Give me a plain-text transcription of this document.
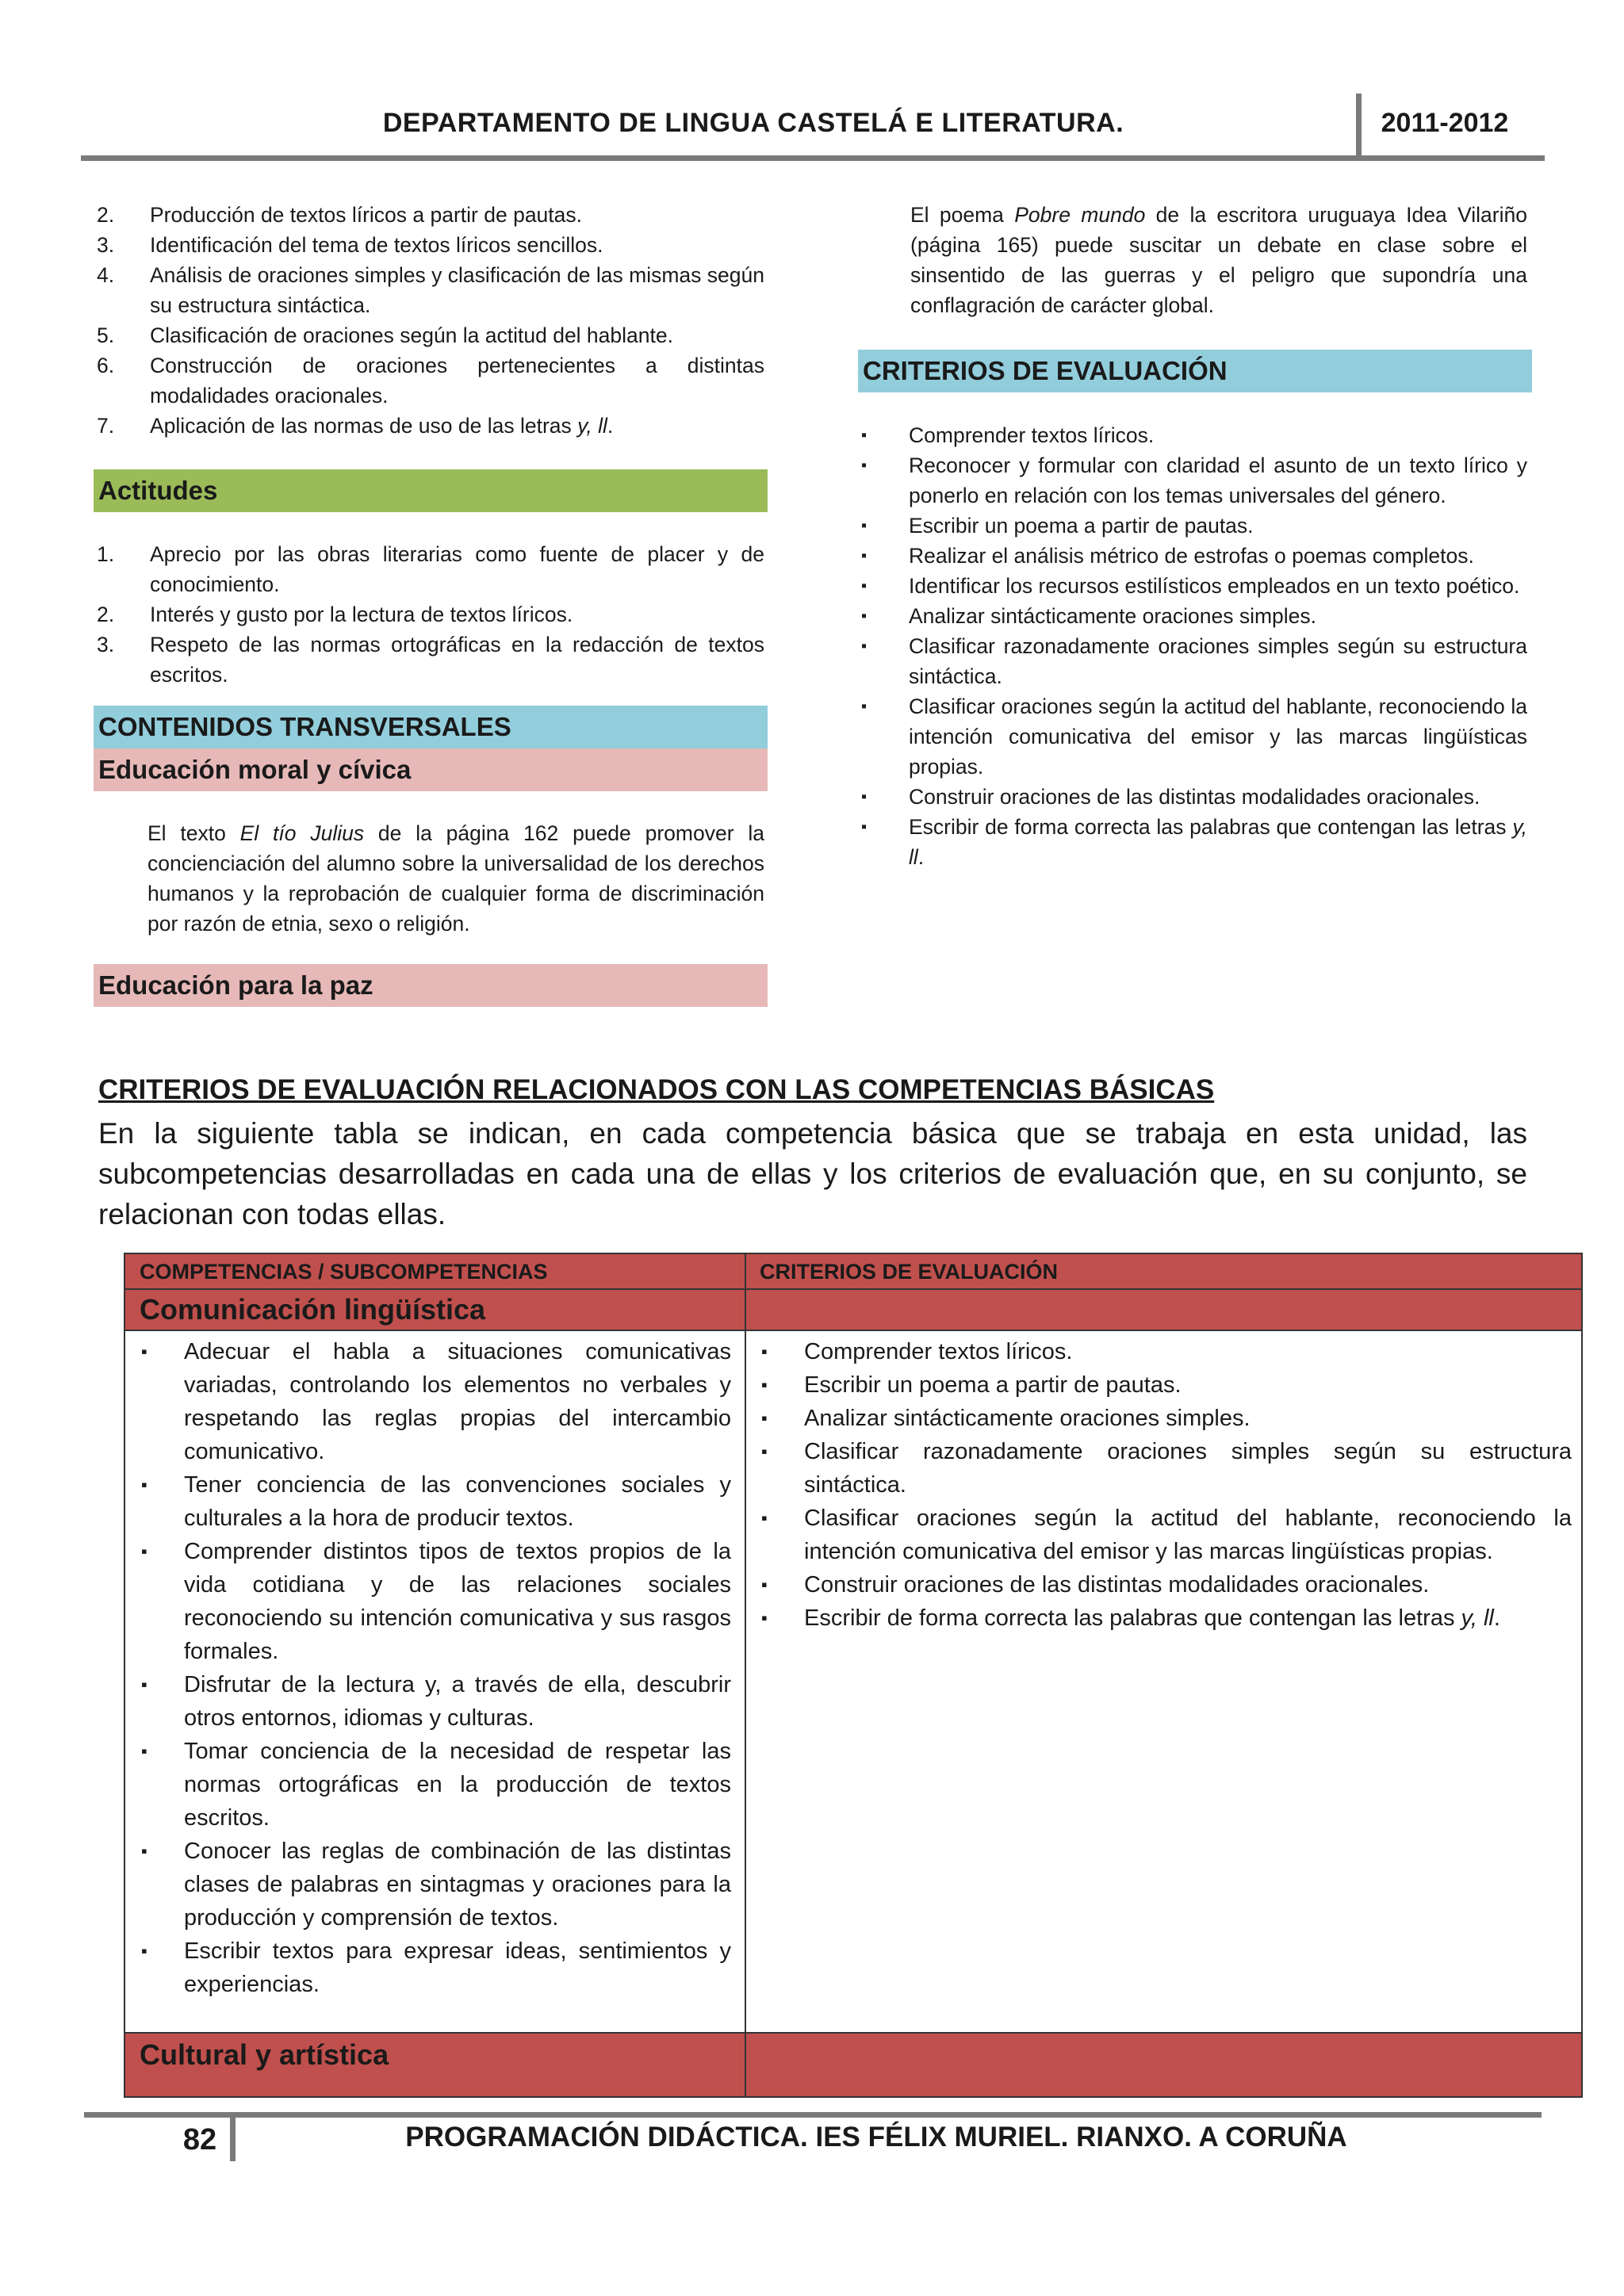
DEPARTAMENTO DE LINGUA CASTELÁ E LITERATURA.	2011-2012
2. Producción de textos líricos a partir de pautas.
3. Identificación del tema de textos líricos sencillos.
4. Análisis de oraciones simples y clasificación de las mismas según su estructura sintáctica.
5. Clasificación de oraciones según la actitud del hablante.
6. Construcción de oraciones pertenecientes a distintas modalidades oracionales.
7. Aplicación de las normas de uso de las letras y, ll.
Actitudes
1. Aprecio por las obras literarias como fuente de placer y de conocimiento.
2. Interés y gusto por la lectura de textos líricos.
3. Respeto de las normas ortográficas en la redacción de textos escritos.
CONTENIDOS TRANSVERSALES
Educación moral y cívica

El texto El tío Julius de la página 162 puede promover la concienciación del alumno sobre la universalidad de los derechos humanos y la reprobación de cualquier forma de discriminación por razón de etnia, sexo o religión.

Educación para la paz

El poema Pobre mundo de la escritora uruguaya Idea Vilariño (página 165) puede suscitar un debate en clase sobre el sinsentido de las guerras y el peligro que supondría una conflagración de carácter global.

CRITERIOS DE EVALUACIÓN
▪ Comprender textos líricos.
▪ Reconocer y formular con claridad el asunto de un texto lírico y ponerlo en relación con los temas universales del género.
▪ Escribir un poema a partir de pautas.
▪ Realizar el análisis métrico de estrofas o poemas completos.
▪ Identificar los recursos estilísticos empleados en un texto poético.
▪ Analizar sintácticamente oraciones simples.
▪ Clasificar razonadamente oraciones simples según su estructura sintáctica.
▪ Clasificar oraciones según la actitud del hablante, reconociendo la intención comunicativa del emisor y las marcas lingüísticas propias.
▪ Construir oraciones de las distintas modalidades oracionales.
▪ Escribir de forma correcta las palabras que contengan las letras y, ll.
CRITERIOS DE EVALUACIÓN RELACIONADOS CON LAS COMPETENCIAS BÁSICAS

En la siguiente tabla se indican, en cada competencia básica que se trabaja en esta unidad, las subcompetencias desarrolladas en cada una de ellas y los criterios de evaluación que, en su conjunto, se relacionan con todas ellas.

COMPETENCIAS / SUBCOMPETENCIAS	CRITERIOS DE EVALUACIÓN
Comunicación lingüística
▪ Adecuar el habla a situaciones comunicativas variadas, controlando los elementos no verbales y respetando las reglas propias del intercambio comunicativo.
▪ Tener conciencia de las convenciones sociales y culturales a la hora de producir textos.
▪ Comprender distintos tipos de textos propios de la vida cotidiana y de las relaciones sociales reconociendo su intención comunicativa y sus rasgos formales.
▪ Disfrutar de la lectura y, a través de ella, descubrir otros entornos, idiomas y culturas.
▪ Tomar conciencia de la necesidad de respetar las normas ortográficas en la producción de textos escritos.
▪ Conocer las reglas de combinación de las distintas clases de palabras en sintagmas y oraciones para la producción y comprensión de textos.
▪ Escribir textos para expresar ideas, sentimientos y experiencias.
▪ Comprender textos líricos.
▪ Escribir un poema a partir de pautas.
▪ Analizar sintácticamente oraciones simples.
▪ Clasificar razonadamente oraciones simples según su estructura sintáctica.
▪ Clasificar oraciones según la actitud del hablante, reconociendo la intención comunicativa del emisor y las marcas lingüísticas propias.
▪ Construir oraciones de las distintas modalidades oracionales.
▪ Escribir de forma correcta las palabras que contengan las letras y, ll.
Cultural y artística
82	PROGRAMACIÓN DIDÁCTICA. IES FÉLIX MURIEL. RIANXO. A CORUÑA
